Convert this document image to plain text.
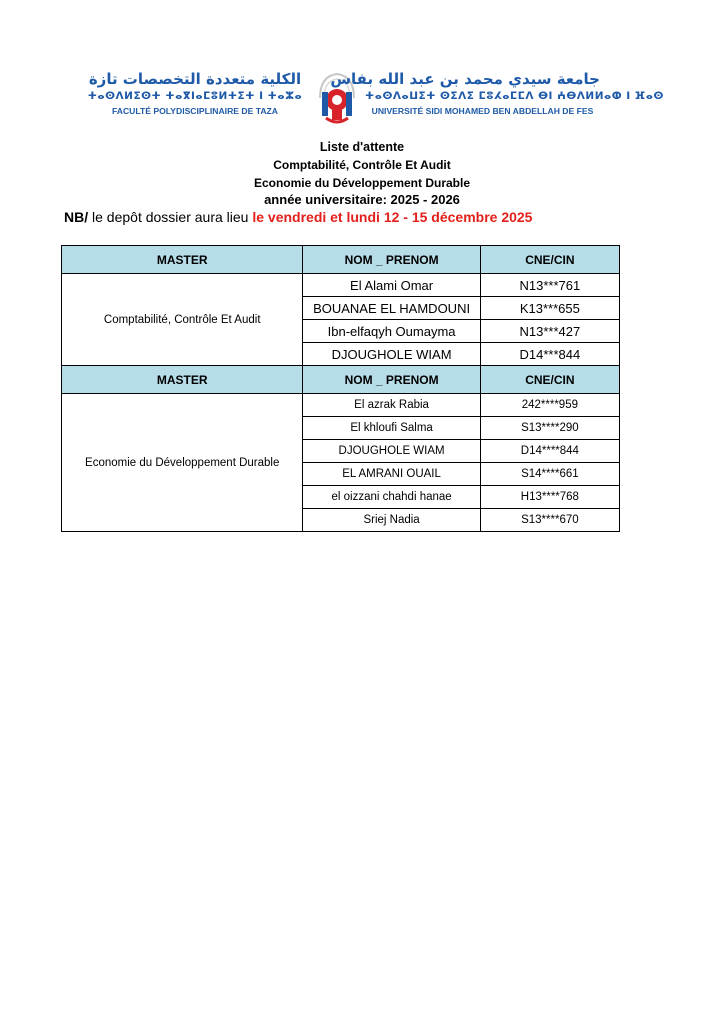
الكلية متعددة التخصصات تازة
ⵜⴰⵙⴷⵍⵉⵙⵜ ⵜⴰⴳⵏⴰⵎⵓⵍⵜⵉⵜ ⵏ ⵜⴰⵣⴰ
FACULTÉ POLYDISCIPLINAIRE DE TAZA
جامعة سيدي محمد بن عبد الله بفاس
ⵜⴰⵙⴷⴰⵡⵉⵜ ⵙⵉⴷⵉ ⵎⵓⵃⴰⵎⵎⴷ ⴱⵏ ⵄⴱⴷⵍⵍⴰⵀ ⵏ ⴼⴰⵙ
UNIVERSITÉ SIDI MOHAMED BEN ABDELLAH DE FES
Liste d'attente
Comptabilité, Contrôle Et Audit
Economie du Développement Durable
année universitaire: 2025 - 2026
NB/ le depôt dossier aura lieu le vendredi et lundi 12 - 15 décembre 2025
MASTER	NOM _ PRENOM	CNE/CIN
Comptabilité, Contrôle Et Audit	El Alami Omar	N13***761
	BOUANAE EL HAMDOUNI	K13***655
	Ibn-elfaqyh Oumayma	N13***427
	DJOUGHOLE WIAM	D14***844
MASTER	NOM _ PRENOM	CNE/CIN
Economie du Développement Durable	El azrak Rabia	242****959
	El khloufi Salma	S13****290
	DJOUGHOLE WIAM	D14****844
	EL AMRANI OUAIL	S14****661
	el oizzani chahdi hanae	H13****768
	Sriej Nadia	S13****670
